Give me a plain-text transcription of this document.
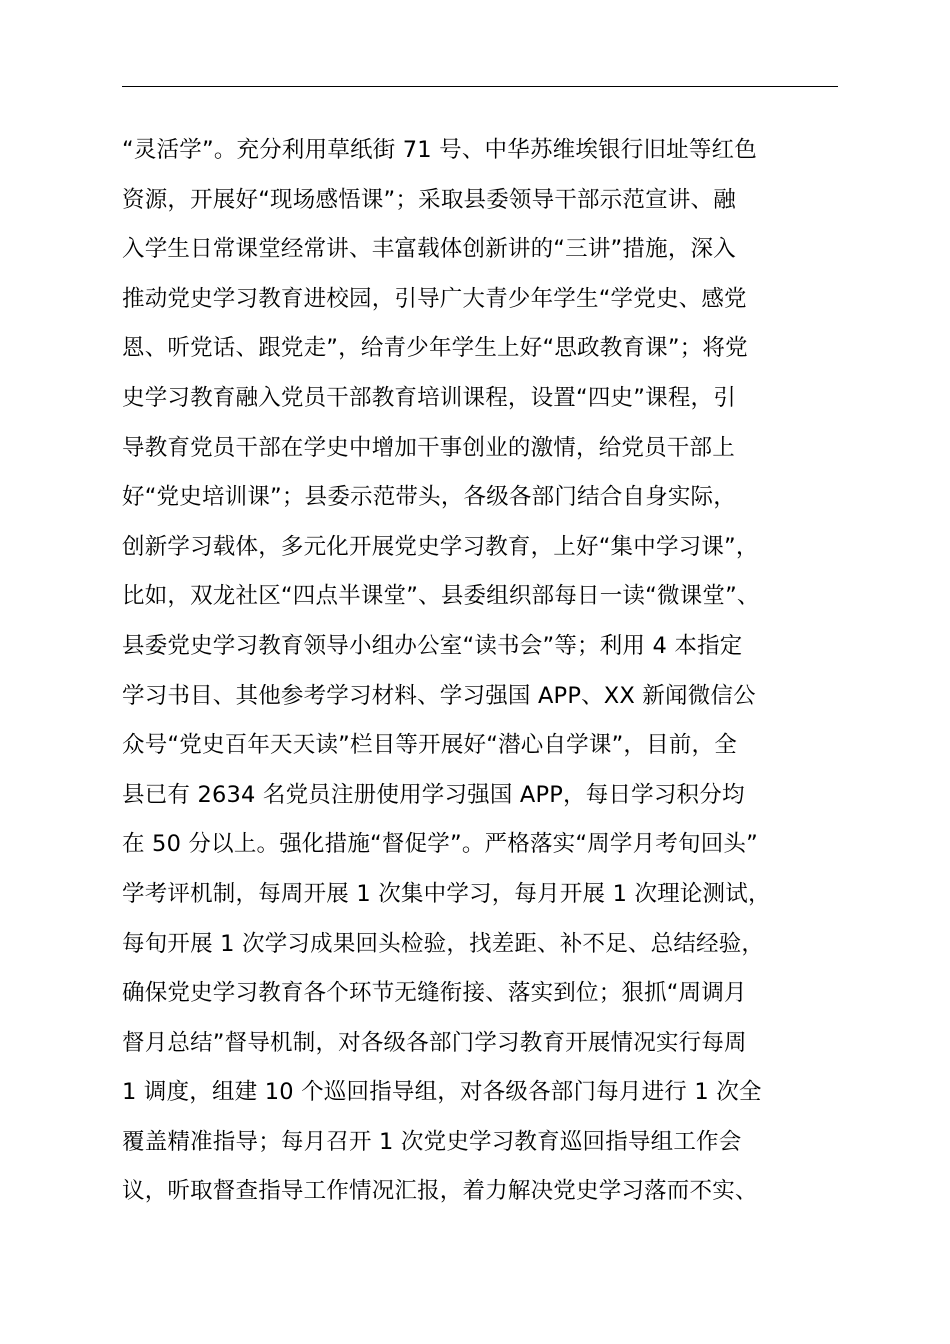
“灵活学”。充分利用草纸街 71 号、中华苏维埃银行旧址等红色
资源，开展好“现场感悟课”；采取县委领导干部示范宣讲、融
入学生日常课堂经常讲、丰富载体创新讲的“三讲”措施，深入
推动党史学习教育进校园，引导广大青少年学生“学党史、感党
恩、听党话、跟党走”，给青少年学生上好“思政教育课”；将党
史学习教育融入党员干部教育培训课程，设置“四史”课程，引
导教育党员干部在学史中增加干事创业的激情，给党员干部上
好“党史培训课”；县委示范带头，各级各部门结合自身实际，
创新学习载体，多元化开展党史学习教育，上好“集中学习课”，
比如，双龙社区“四点半课堂”、县委组织部每日一读“微课堂”、
县委党史学习教育领导小组办公室“读书会”等；利用 4 本指定
学习书目、其他参考学习材料、学习强国 APP、XX 新闻微信公
众号“党史百年天天读”栏目等开展好“潜心自学课”，目前，全
县已有 2634 名党员注册使用学习强国 APP，每日学习积分均
在 50 分以上。强化措施“督促学”。严格落实“周学月考旬回头”
学考评机制，每周开展 1 次集中学习，每月开展 1 次理论测试，
每旬开展 1 次学习成果回头检验，找差距、补不足、总结经验，
确保党史学习教育各个环节无缝衔接、落实到位；狠抓“周调月
督月总结”督导机制，对各级各部门学习教育开展情况实行每周
1 调度，组建 10 个巡回指导组，对各级各部门每月进行 1 次全
覆盖精准指导；每月召开 1 次党史学习教育巡回指导组工作会
议，听取督查指导工作情况汇报，着力解决党史学习落而不实、
